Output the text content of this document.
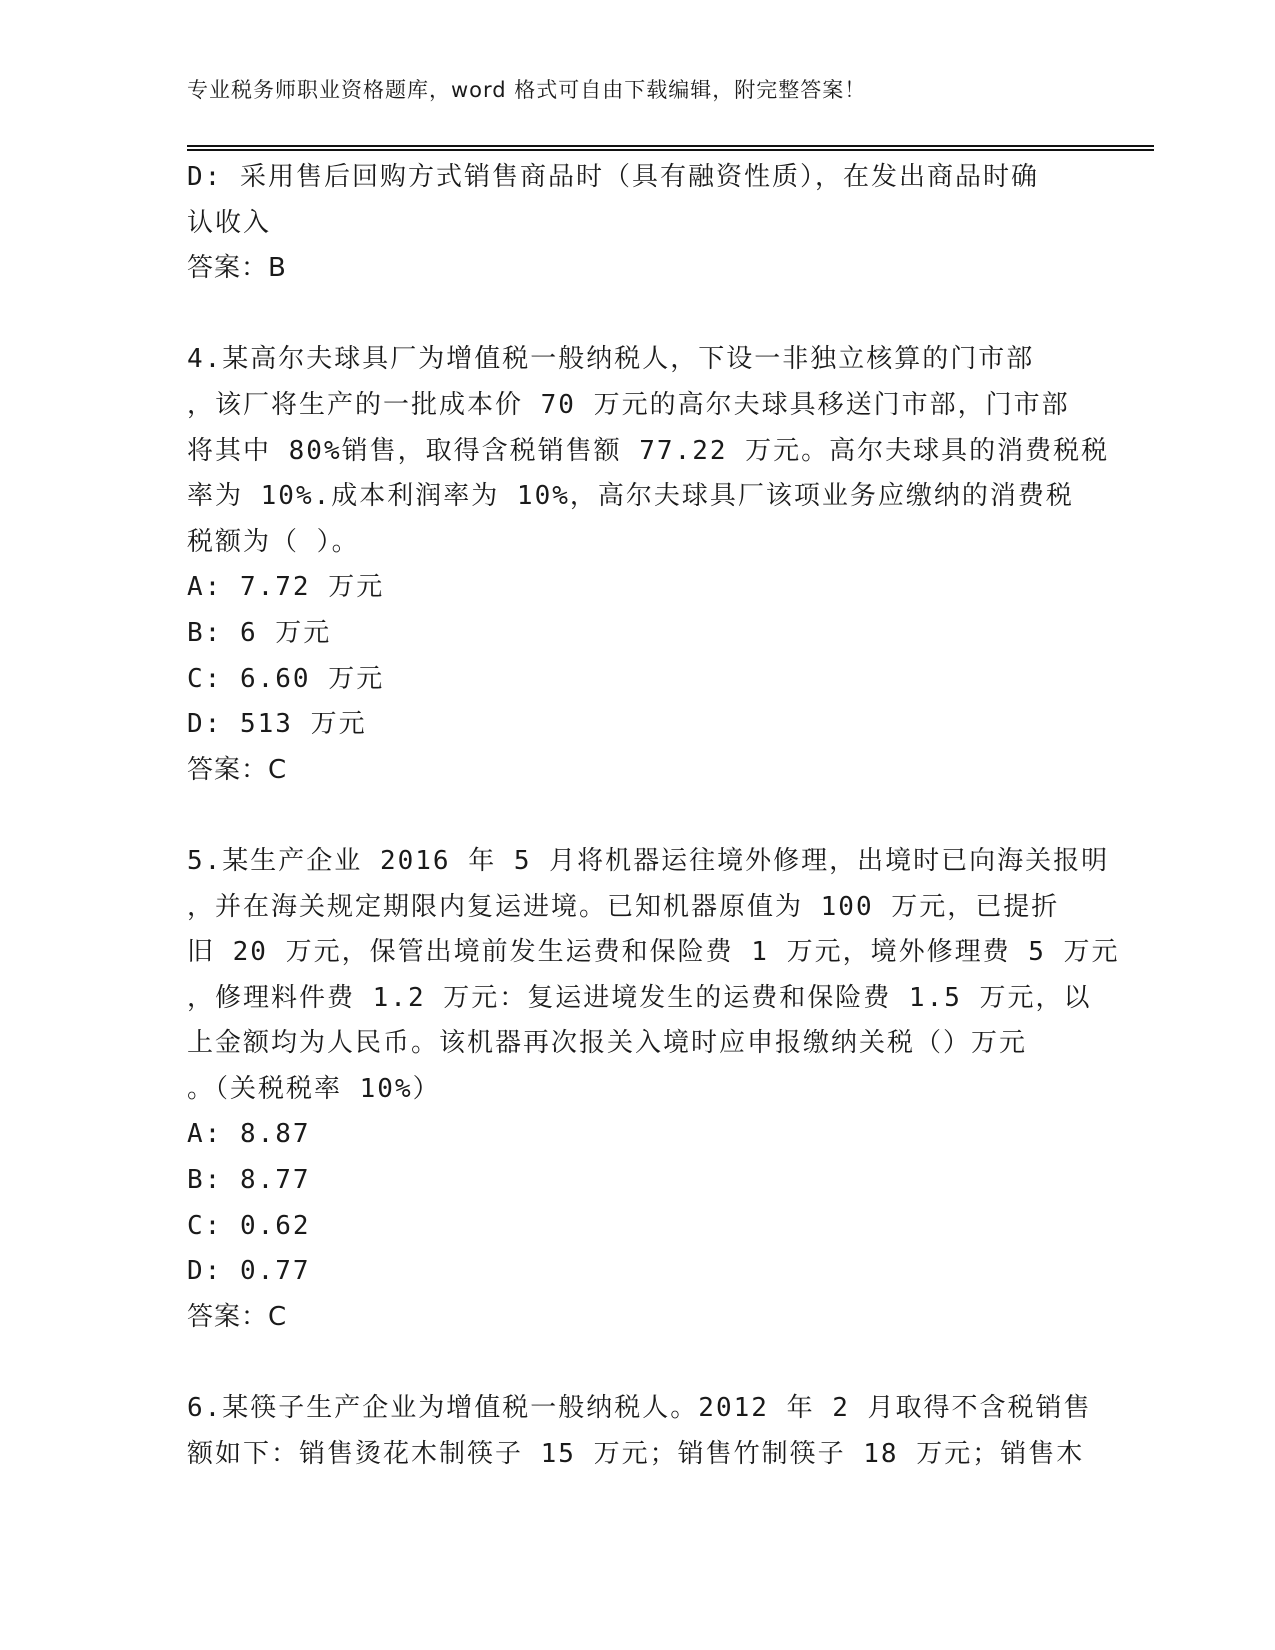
专业税务师职业资格题库，word 格式可自由下载编辑，附完整答案！
D: 采用售后回购方式销售商品时（具有融资性质），在发出商品时确
认收入
答案：B
4.某高尔夫球具厂为增值税一般纳税人，下设一非独立核算的门市部
，该厂将生产的一批成本价 70 万元的高尔夫球具移送门市部，门市部
将其中 80%销售，取得含税销售额 77.22 万元。高尔夫球具的消费税税
率为 10%.成本利润率为 10%，高尔夫球具厂该项业务应缴纳的消费税
税额为（ ）。
A: 7.72 万元
B: 6 万元
C: 6.60 万元
D: 513 万元
答案：C
5.某生产企业 2016 年 5 月将机器运往境外修理，出境时已向海关报明
，并在海关规定期限内复运进境。已知机器原值为 100 万元，已提折
旧 20 万元，保管出境前发生运费和保险费 1 万元，境外修理费 5 万元
，修理料件费 1.2 万元：复运进境发生的运费和保险费 1.5 万元，以
上金额均为人民币。该机器再次报关入境时应申报缴纳关税（）万元
。（关税税率 10%）
A: 8.87
B: 8.77
C: 0.62
D: 0.77
答案：C
6.某筷子生产企业为增值税一般纳税人。2012 年 2 月取得不含税销售
额如下：销售烫花木制筷子 15 万元；销售竹制筷子 18 万元；销售木
